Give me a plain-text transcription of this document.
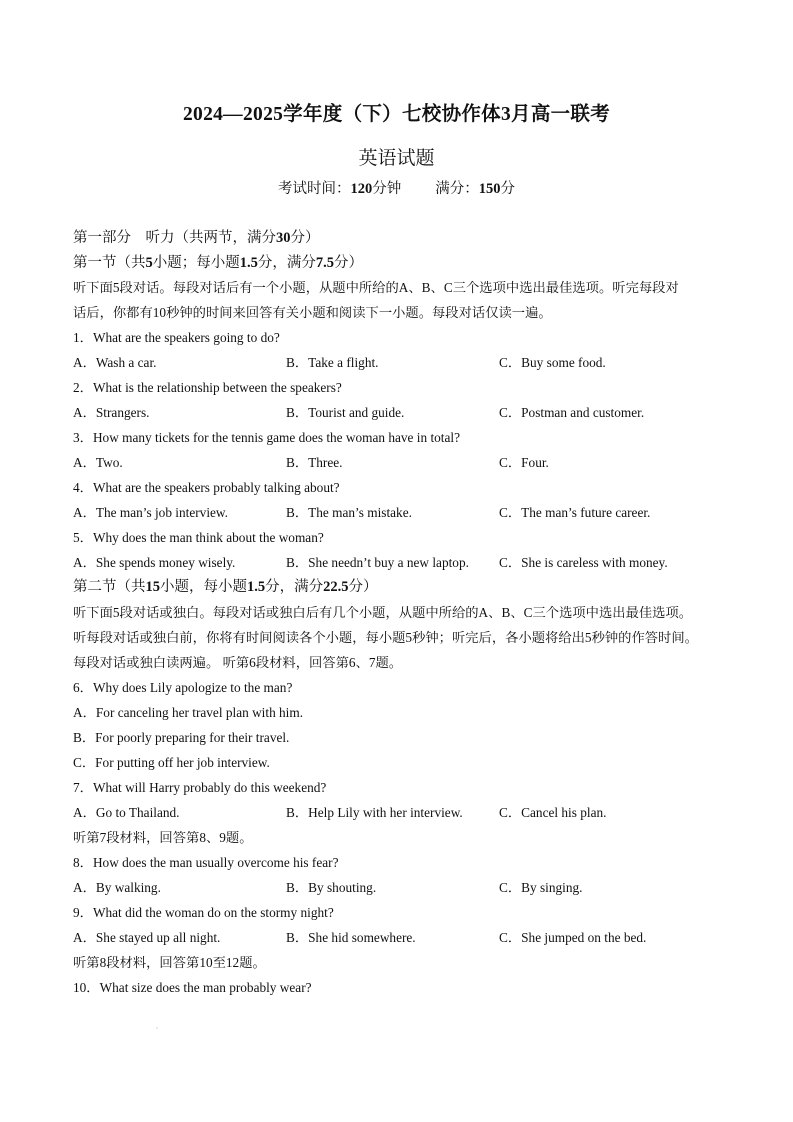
2024—2025学年度（下）七校协作体3月高一联考
英语试题
考试时间：120分钟 满分：150分
第一部分　听力（共两节，满分30分）
第一节（共5小题；每小题1.5分，满分7.5分）
听下面5段对话。每段对话后有一个小题，从题中所给的A、B、C三个选项中选出最佳选项。听完每段对
话后，你都有10秒钟的时间来回答有关小题和阅读下一小题。每段对话仅读一遍。
1．What are the speakers going to do?
A．Wash a car.	B．Take a flight.	C．Buy some food.
2．What is the relationship between the speakers?
A．Strangers.	B．Tourist and guide.	C．Postman and customer.
3．How many tickets for the tennis game does the woman have in total?
A．Two.	B．Three.	C．Four.
4．What are the speakers probably talking about?
A．The man’s job interview.	B．The man’s mistake.	C．The man’s future career.
5．Why does the man think about the woman?
A．She spends money wisely.	B．She needn’t buy a new laptop. C．She is careless with money.
第二节（共15小题，每小题1.5分，满分22.5分）
听下面5段对话或独白。每段对话或独白后有几个小题，从题中所给的A、B、C三个选项中选出最佳选项。
听每段对话或独白前，你将有时间阅读各个小题，每小题5秒钟；听完后，各小题将给出5秒钟的作答时间。
每段对话或独白读两遍。 听第6段材料，回答第6、7题。
6．Why does Lily apologize to the man?
A．For canceling her travel plan with him.
B．For poorly preparing for their travel.
C．For putting off her job interview.
7．What will Harry probably do this weekend?
A．Go to Thailand.	B．Help Lily with her interview.	C．Cancel his plan.
听第7段材料，回答第8、9题。
8．How does the man usually overcome his fear?
A．By walking.	B．By shouting.	C．By singing.
9．What did the woman do on the stormy night?
A．She stayed up all night.	B．She hid somewhere.	C．She jumped on the bed.
听第8段材料，回答第10至12题。
10．What size does the man probably wear?
